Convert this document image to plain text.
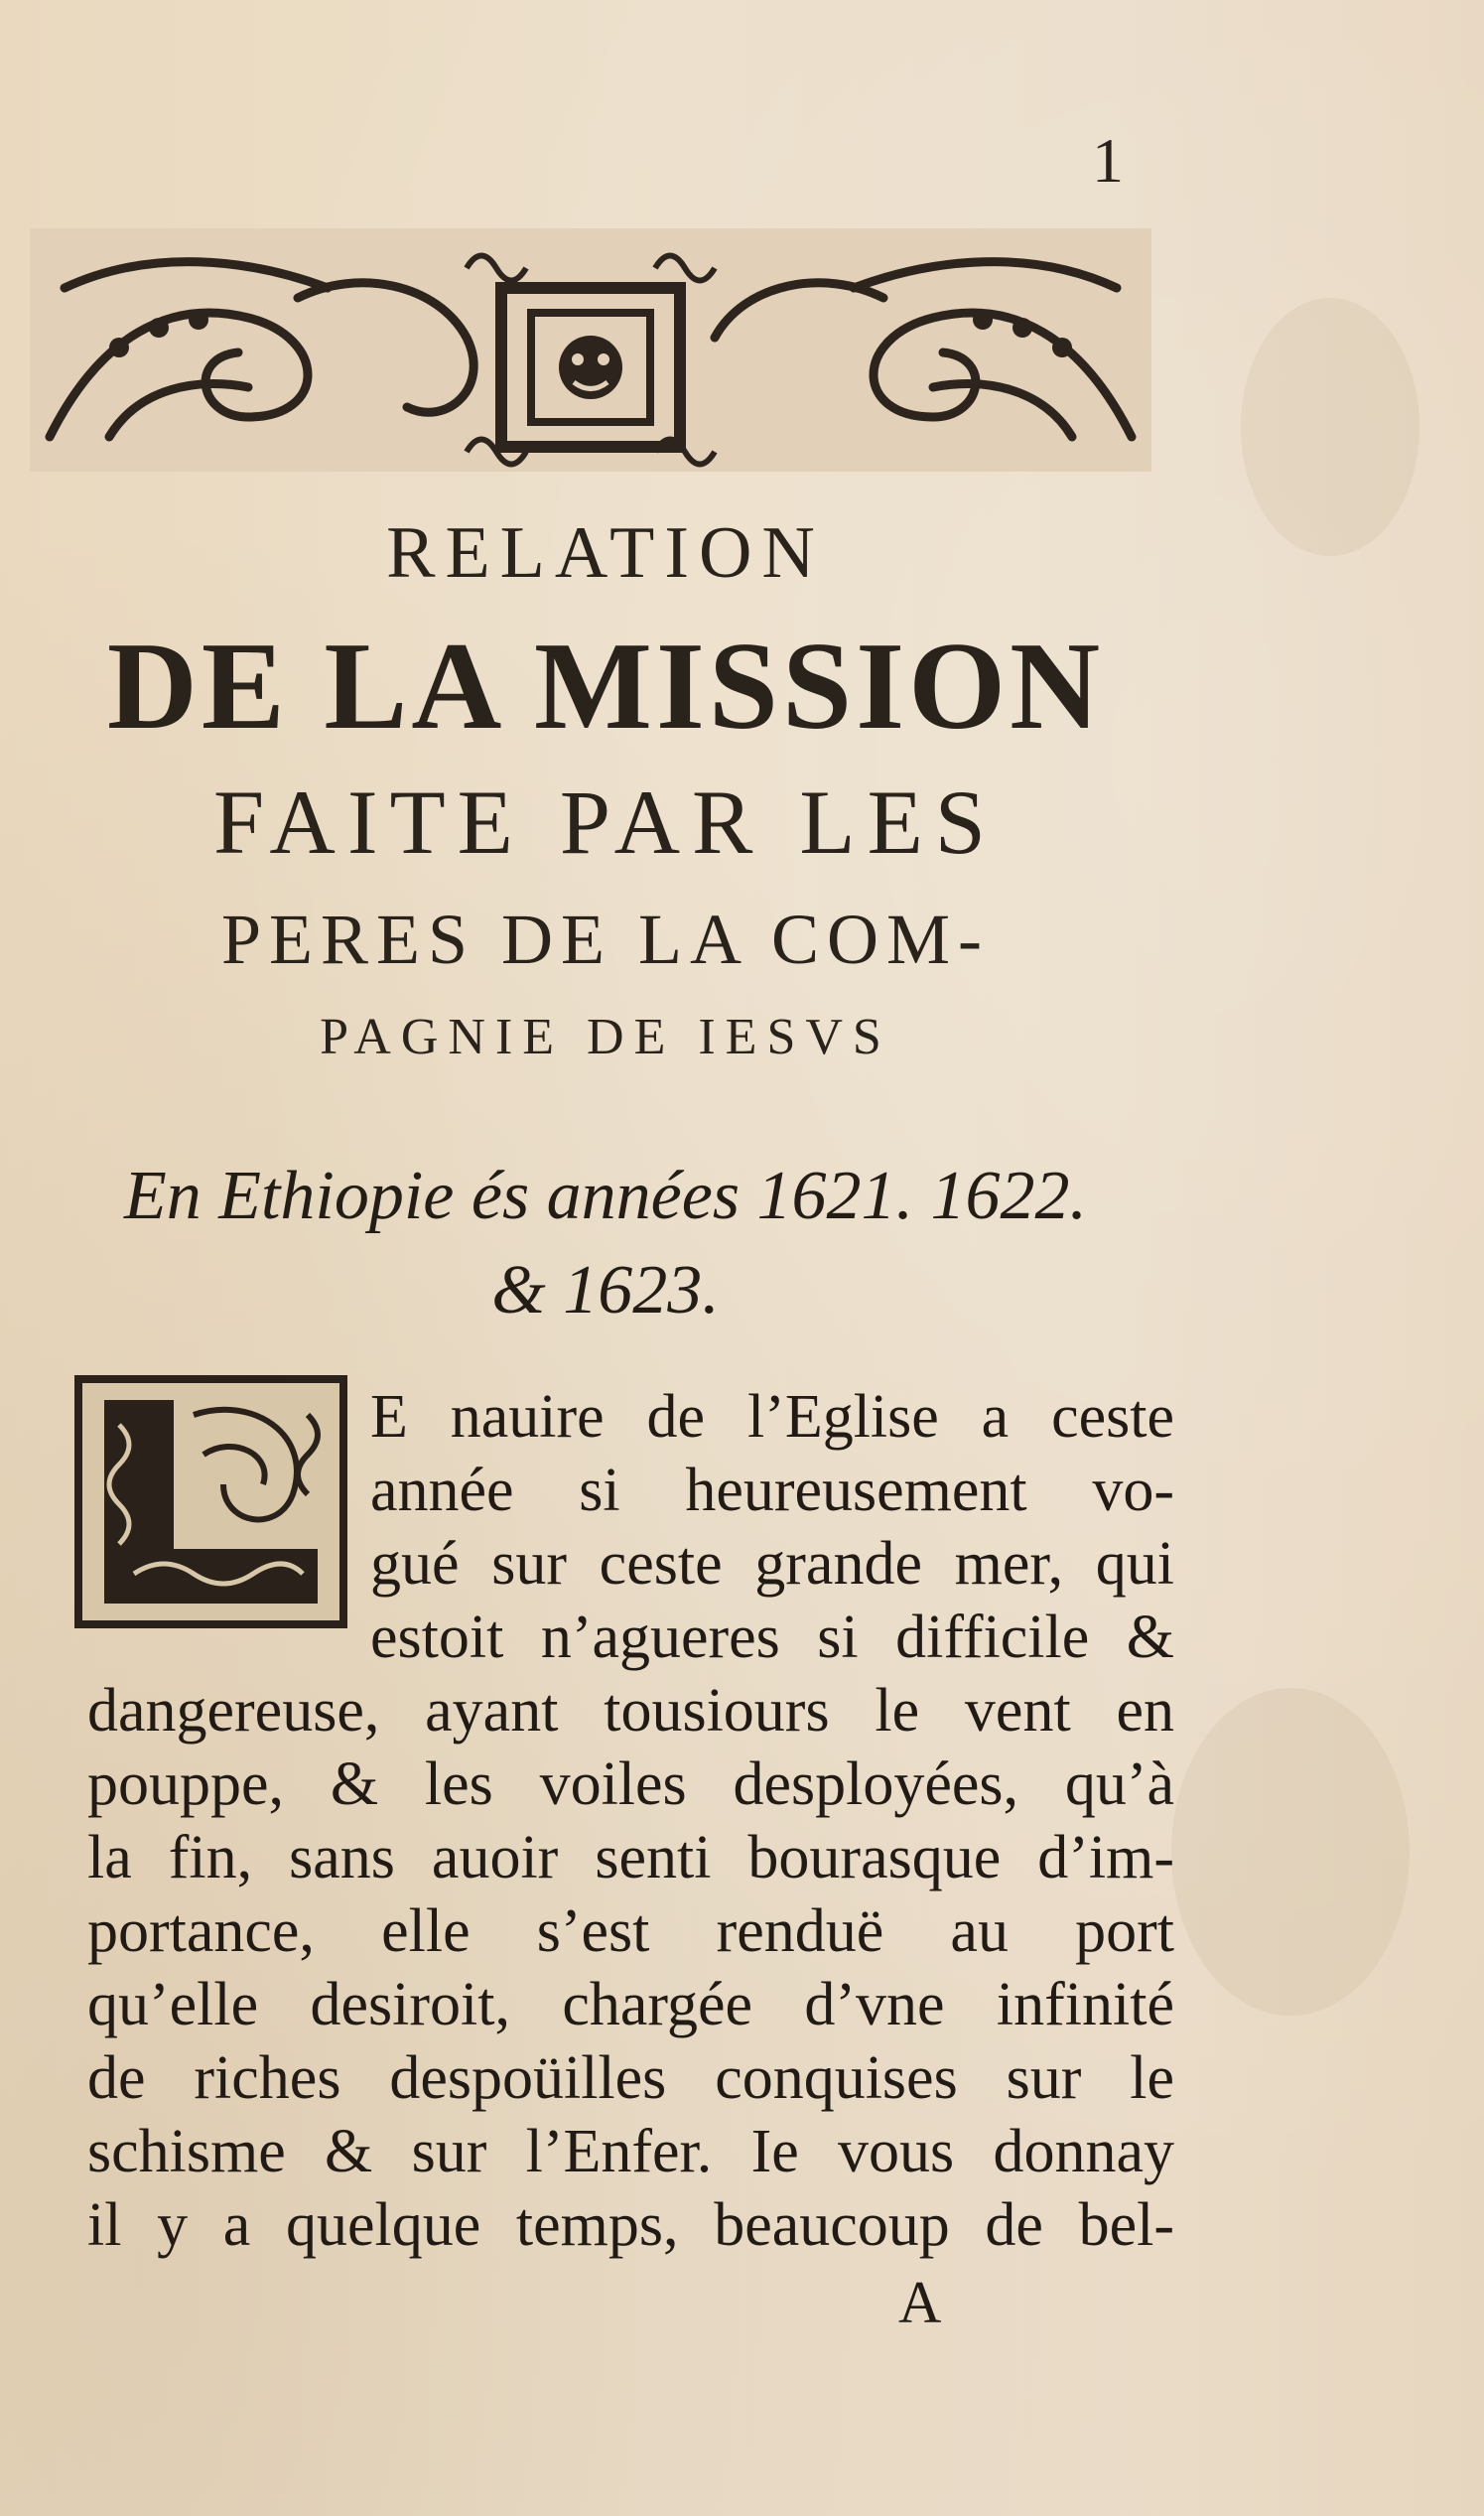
1
RELATION
DE LA MISSION
FAITE PAR LES
PERES DE LA COM-
PAGNIE DE IESVS
En Ethiopie és années 1621. 1622.
& 1623.
E nauire de l’Eglise a ceste
année si heureusement vo-
gué sur ceste grande mer, qui
estoit n’agueres si difficile &
dangereuse, ayant tousiours le vent en
pouppe, & les voiles desployées, qu’à
la fin, sans auoir senti bourasque d’im-
portance, elle s’est renduë au port
qu’elle desiroit, chargée d’vne infinité
de riches despoüilles conquises sur le
schisme & sur l’Enfer. Ie vous donnay
il y a quelque temps, beaucoup de bel-
A
